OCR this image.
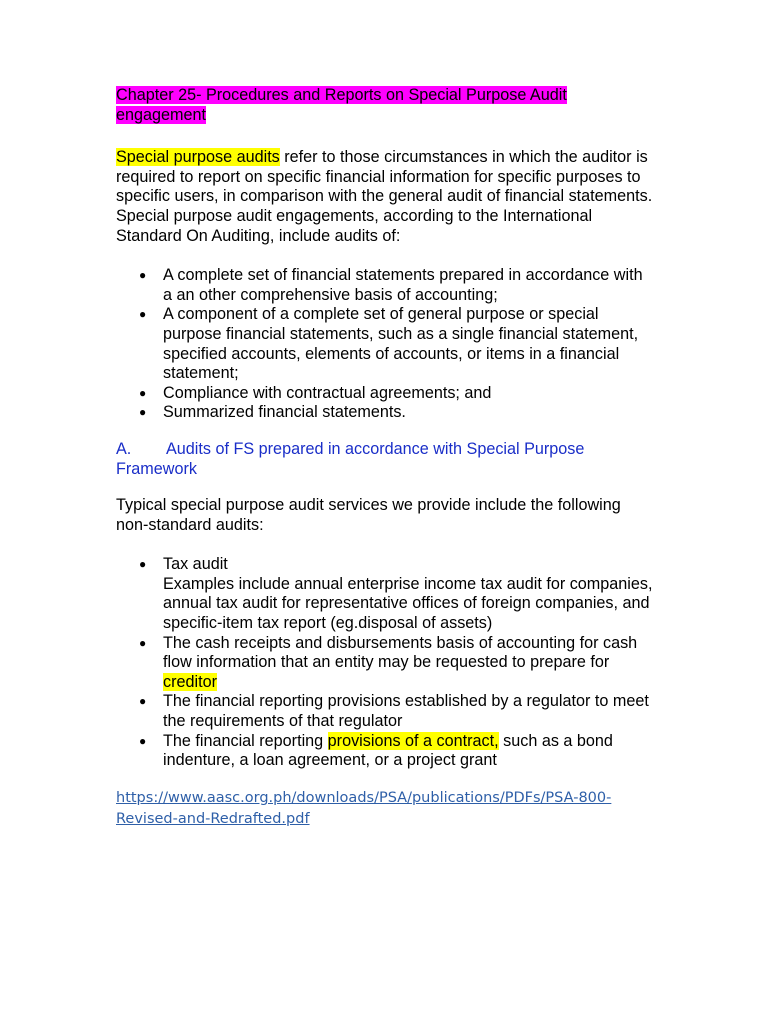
Chapter 25- Procedures and Reports on Special Purpose Audit engagement

Special purpose audits refer to those circumstances in which the auditor is required to report on specific financial information for specific purposes to specific users, in comparison with the general audit of financial statements. Special purpose audit engagements, according to the International Standard On Auditing, include audits of:

● A complete set of financial statements prepared in accordance with a an other comprehensive basis of accounting;
● A component of a complete set of general purpose or special purpose financial statements, such as a single financial statement, specified accounts, elements of accounts, or items in a financial statement;
● Compliance with contractual agreements; and
● Summarized financial statements.

A. Audits of FS prepared in accordance with Special Purpose Framework

Typical special purpose audit services we provide include the following non-standard audits:

● Tax audit
Examples include annual enterprise income tax audit for companies, annual tax audit for representative offices of foreign companies, and specific-item tax report (eg.disposal of assets)
● The cash receipts and disbursements basis of accounting for cash flow information that an entity may be requested to prepare for creditor
● The financial reporting provisions established by a regulator to meet the requirements of that regulator
● The financial reporting provisions of a contract, such as a bond indenture, a loan agreement, or a project grant

https://www.aasc.org.ph/downloads/PSA/publications/PDFs/PSA-800-Revised-and-Redrafted.pdf
